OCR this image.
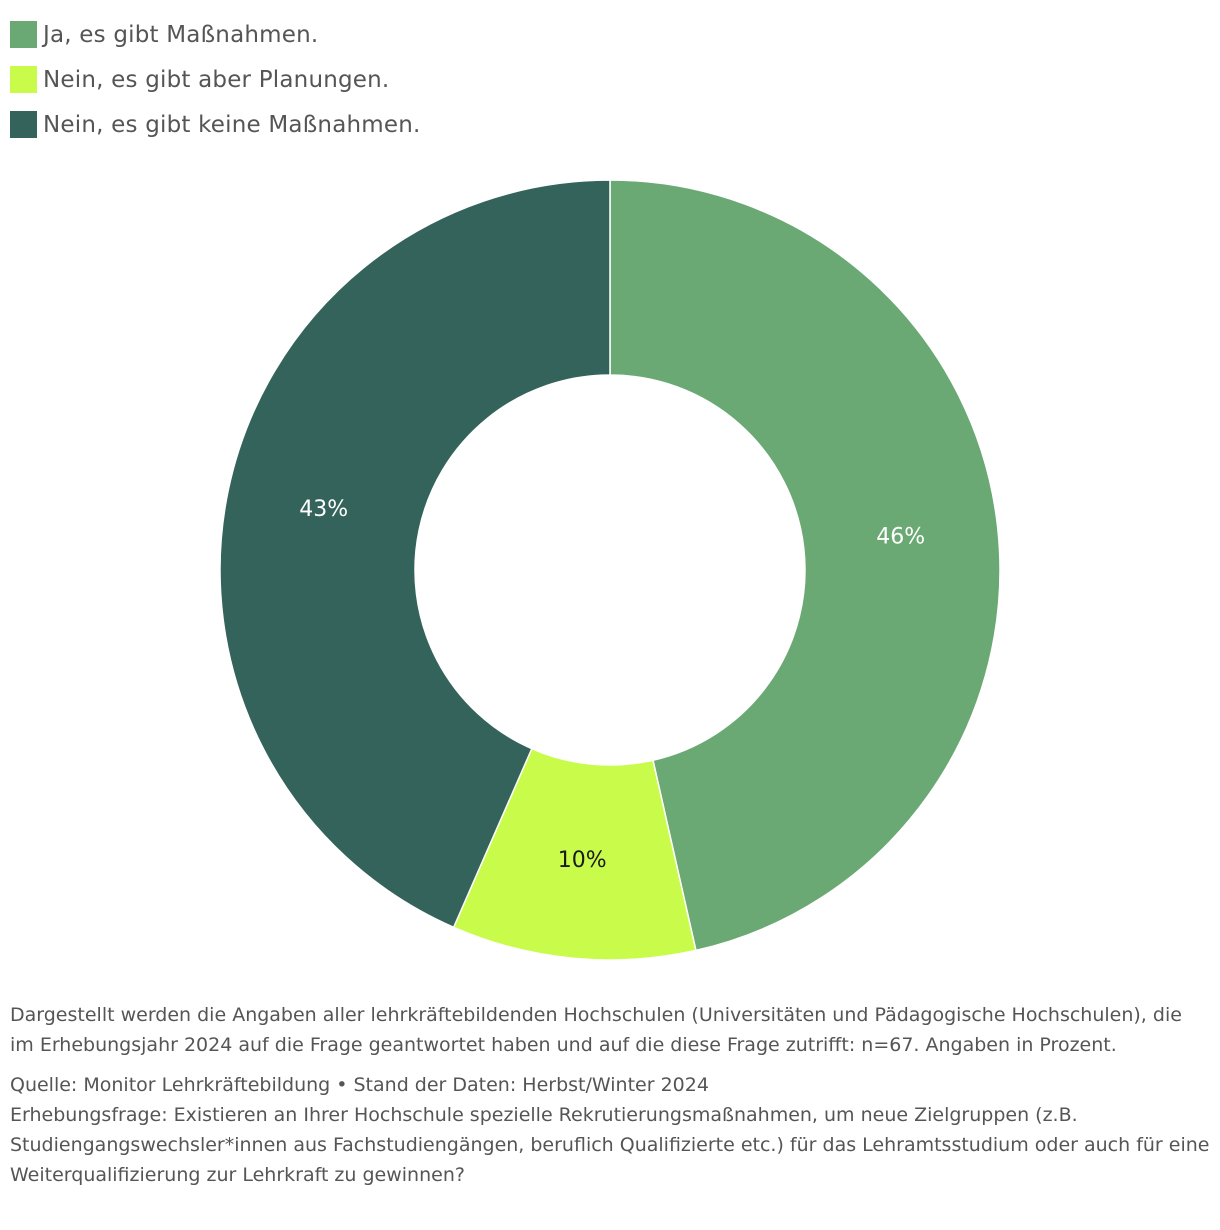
Ja, es gibt Maßnahmen.
Nein, es gibt aber Planungen.
Nein, es gibt keine Maßnahmen.
46%
10%
43%

Dargestellt werden die Angaben aller lehrkräftebildenden Hochschulen (Universitäten und Pädagogische Hochschulen), die im Erhebungsjahr 2024 auf die Frage geantwortet haben und auf die diese Frage zutrifft: n=67. Angaben in Prozent.

Quelle: Monitor Lehrkräftebildung • Stand der Daten: Herbst/Winter 2024

Erhebungsfrage: Existieren an Ihrer Hochschule spezielle Rekrutierungsmaßnahmen, um neue Zielgruppen (z.B. Studiengangswechsler*innen aus Fachstudiengängen, beruflich Qualifizierte etc.) für das Lehramtsstudium oder auch für eine Weiterqualifizierung zur Lehrkraft zu gewinnen?
